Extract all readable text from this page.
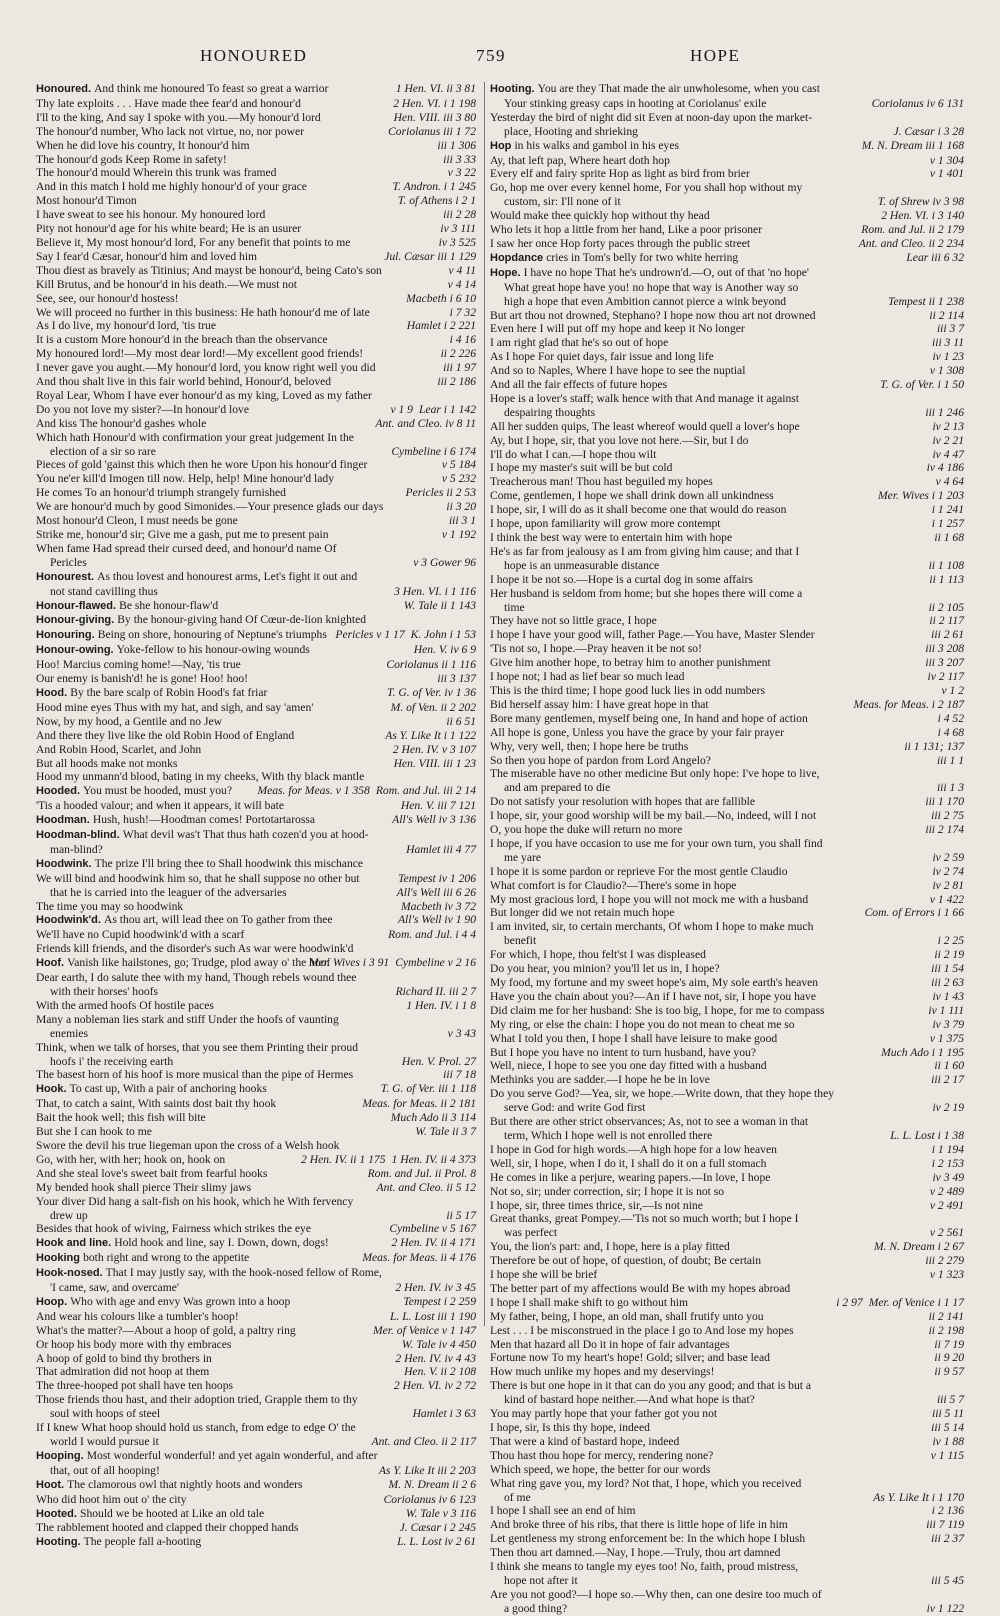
HONOURED	759	HOPE
1 Hen. VI. ii 3 81
Honoured. And think me honoured To feast so great a warrior
2 Hen. VI. i 1 198
Thy late exploits . . . Have made thee fear'd and honour'd
Hen. VIII. iii 3 80
I'll to the king, And say I spoke with you.—My honour'd lord
Coriolanus iii 1 72
The honour'd number, Who lack not virtue, no, nor power
iii 1 306
When he did love his country, It honour'd him
iii 3 33
The honour'd gods Keep Rome in safety!
v 3 22
The honour'd mould Wherein this trunk was framed
T. Andron. i 1 245
And in this match I hold me highly honour'd of your grace
T. of Athens i 2 1
Most honour'd Timon
iii 2 28
I have sweat to see his honour. My honoured lord
iv 3 111
Pity not honour'd age for his white beard; He is an usurer
iv 3 525
Believe it, My most honour'd lord, For any benefit that points to me
Jul. Cæsar iii 1 129
Say I fear'd Cæsar, honour'd him and loved him
v 4 11
Thou diest as bravely as Titinius; And mayst be honour'd, being Cato's son
v 4 14
Kill Brutus, and be honour'd in his death.—We must not
Macbeth i 6 10
See, see, our honour'd hostess!
i 7 32
We will proceed no further in this business: He hath honour'd me of late
Hamlet i 2 221
As I do live, my honour'd lord, 'tis true
i 4 16
It is a custom More honour'd in the breach than the observance
ii 2 226
My honoured lord!—My most dear lord!—My excellent good friends!
iii 1 97
I never gave you aught.—My honour'd lord, you know right well you did
iii 2 186
And thou shalt live in this fair world behind, Honour'd, beloved
Royal Lear, Whom I have ever honour'd as my king, Loved as my father
Lear i 1 142
v 1 9
Do you not love my sister?—In honour'd love
Ant. and Cleo. iv 8 11
And kiss The honour'd gashes whole
Which hath Honour'd with confirmation your great judgement In the
Cymbeline i 6 174
election of a sir so rare
v 5 184
Pieces of gold 'gainst this which then he wore Upon his honour'd finger
v 5 232
You ne'er kill'd Imogen till now. Help, help! Mine honour'd lady
Pericles ii 2 53
He comes To an honour'd triumph strangely furnished
ii 3 20
We are honour'd much by good Simonides.—Your presence glads our days
iii 3 1
Most honour'd Cleon, I must needs be gone
v 1 192
Strike me, honour'd sir; Give me a gash, put me to present pain
When fame Had spread their cursed deed, and honour'd name Of
v 3 Gower 96
Pericles
Honourest. As thou lovest and honourest arms, Let's fight it out and
3 Hen. VI. i 1 116
not stand cavilling thus
W. Tale ii 1 143
Honour-flawed. Be she honour-flaw'd
Honour-giving. By the honour-giving hand Of Cœur-de-lion knighted
K. John i 1 53
Pericles v 1 17
Honouring. Being on shore, honouring of Neptune's triumphs
Hen. V. iv 6 9
Honour-owing. Yoke-fellow to his honour-owing wounds
Coriolanus ii 1 116
Hoo! Marcius coming home!—Nay, 'tis true
iii 3 137
Our enemy is banish'd! he is gone! Hoo! hoo!
T. G. of Ver. iv 1 36
Hood. By the bare scalp of Robin Hood's fat friar
M. of Ven. ii 2 202
Hood mine eyes Thus with my hat, and sigh, and say 'amen'
ii 6 51
Now, by my hood, a Gentile and no Jew
As Y. Like It i 1 122
And there they live like the old Robin Hood of England
2 Hen. IV. v 3 107
And Robin Hood, Scarlet, and John
Hen. VIII. iii 1 23
But all hoods make not monks
Hood my unmann'd blood, bating in my cheeks, With thy black mantle
Rom. and Jul. iii 2 14
Meas. for Meas. v 1 358
Hooded. You must be hooded, must you?
Hen. V. iii 7 121
'Tis a hooded valour; and when it appears, it will bate
All's Well iv 3 136
Hoodman. Hush, hush!—Hoodman comes! Portotartarossa
Hoodman-blind. What devil was't That thus hath cozen'd you at hood-
Hamlet iii 4 77
man-blind?
Hoodwink. The prize I'll bring thee to Shall hoodwink this mischance
Tempest iv 1 206
We will bind and hoodwink him so, that he shall suppose no other but
All's Well iii 6 26
that he is carried into the leaguer of the adversaries
Macbeth iv 3 72
The time you may so hoodwink
All's Well iv 1 90
Hoodwink'd. As thou art, will lead thee on To gather from thee
Rom. and Jul. i 4 4
We'll have no Cupid hoodwink'd with a scarf
Friends kill friends, and the disorder's such As war were hoodwink'd
Cymbeline v 2 16
Mer. Wives i 3 91
Hoof. Vanish like hailstones, go; Trudge, plod away o' the hoof
Dear earth, I do salute thee with my hand, Though rebels wound thee
Richard II. iii 2 7
with their horses' hoofs
1 Hen. IV. i 1 8
With the armed hoofs Of hostile paces
Many a nobleman lies stark and stiff Under the hoofs of vaunting
v 3 43
enemies
Think, when we talk of horses, that you see them Printing their proud
Hen. V. Prol. 27
hoofs i' the receiving earth
iii 7 18
The basest horn of his hoof is more musical than the pipe of Hermes
T. G. of Ver. iii 1 118
Hook. To cast up, With a pair of anchoring hooks
Meas. for Meas. ii 2 181
That, to catch a saint, With saints dost bait thy hook
Much Ado ii 3 114
Bait the hook well; this fish will bite
W. Tale ii 3 7
But she I can hook to me
Swore the devil his true liegeman upon the cross of a Welsh hook
1 Hen. IV. ii 4 373
2 Hen. IV. ii 1 175
Go, with her, with her; hook on, hook on
Rom. and Jul. ii Prol. 8
And she steal love's sweet bait from fearful hooks
Ant. and Cleo. ii 5 12
My bended hook shall pierce Their slimy jaws
Your diver Did hang a salt-fish on his hook, which he With fervency
ii 5 17
drew up
Cymbeline v 5 167
Besides that hook of wiving, Fairness which strikes the eye
2 Hen. IV. ii 4 171
Hook and line. Hold hook and line, say I. Down, down, dogs!
Meas. for Meas. ii 4 176
Hooking both right and wrong to the appetite
Hook-nosed. That I may justly say, with the hook-nosed fellow of Rome,
2 Hen. IV. iv 3 45
'I came, saw, and overcame'
Tempest i 2 259
Hoop. Who with age and envy Was grown into a hoop
L. L. Lost iii 1 190
And wear his colours like a tumbler's hoop!
Mer. of Venice v 1 147
What's the matter?—About a hoop of gold, a paltry ring
W. Tale iv 4 450
Or hoop his body more with thy embraces
2 Hen. IV. iv 4 43
A hoop of gold to bind thy brothers in
Hen. V. ii 2 108
That admiration did not hoop at them
2 Hen. VI. iv 2 72
The three-hooped pot shall have ten hoops
Those friends thou hast, and their adoption tried, Grapple them to thy
Hamlet i 3 63
soul with hoops of steel
If I knew What hoop should hold us stanch, from edge to edge O' the
Ant. and Cleo. ii 2 117
world I would pursue it
Hooping. Most wonderful wonderful! and yet again wonderful, and after
As Y. Like It iii 2 203
that, out of all hooping!
M. N. Dream ii 2 6
Hoot. The clamorous owl that nightly hoots and wonders
Coriolanus iv 6 123
Who did hoot him out o' the city
W. Tale v 3 116
Hooted. Should we be hooted at Like an old tale
J. Cæsar i 2 245
The rabblement hooted and clapped their chopped hands
L. L. Lost iv 2 61
Hooting. The people fall a-hooting
Hooting. You are they That made the air unwholesome, when you cast
Coriolanus iv 6 131
Your stinking greasy caps in hooting at Coriolanus' exile
Yesterday the bird of night did sit Even at noon-day upon the market-
J. Cæsar i 3 28
place, Hooting and shrieking
M. N. Dream iii 1 168
Hop in his walks and gambol in his eyes
v 1 304
Ay, that left pap, Where heart doth hop
v 1 401
Every elf and fairy sprite Hop as light as bird from brier
Go, hop me over every kennel home, For you shall hop without my
T. of Shrew iv 3 98
custom, sir: I'll none of it
2 Hen. VI. i 3 140
Would make thee quickly hop without thy head
Rom. and Jul. ii 2 179
Who lets it hop a little from her hand, Like a poor prisoner
Ant. and Cleo. ii 2 234
I saw her once Hop forty paces through the public street
Lear iii 6 32
Hopdance cries in Tom's belly for two white herring
Hope. I have no hope That he's undrown'd.—O, out of that 'no hope'
What great hope have you! no hope that way is Another way so
Tempest ii 1 238
high a hope that even Ambition cannot pierce a wink beyond
ii 2 114
But art thou not drowned, Stephano? I hope now thou art not drowned
iii 3 7
Even here I will put off my hope and keep it No longer
iii 3 11
I am right glad that he's so out of hope
iv 1 23
As I hope For quiet days, fair issue and long life
v 1 308
And so to Naples, Where I have hope to see the nuptial
T. G. of Ver. i 1 50
And all the fair effects of future hopes
Hope is a lover's staff; walk hence with that And manage it against
iii 1 246
despairing thoughts
iv 2 13
All her sudden quips, The least whereof would quell a lover's hope
iv 2 21
Ay, but I hope, sir, that you love not here.—Sir, but I do
iv 4 47
I'll do what I can.—I hope thou wilt
iv 4 186
I hope my master's suit will be but cold
v 4 64
Treacherous man! Thou hast beguiled my hopes
Mer. Wives i 1 203
Come, gentlemen, I hope we shall drink down all unkindness
i 1 241
I hope, sir, I will do as it shall become one that would do reason
i 1 257
I hope, upon familiarity will grow more contempt
ii 1 68
I think the best way were to entertain him with hope
He's as far from jealousy as I am from giving him cause; and that I
ii 1 108
hope is an unmeasurable distance
ii 1 113
I hope it be not so.—Hope is a curtal dog in some affairs
Her husband is seldom from home; but she hopes there will come a
ii 2 105
time
ii 2 117
They have not so little grace, I hope
iii 2 61
I hope I have your good will, father Page.—You have, Master Slender
iii 3 208
'Tis not so, I hope.—Pray heaven it be not so!
iii 3 207
Give him another hope, to betray him to another punishment
iv 2 117
I hope not; I had as lief bear so much lead
v 1 2
This is the third time; I hope good luck lies in odd numbers
Meas. for Meas. i 2 187
Bid herself assay him: I have great hope in that
i 4 52
Bore many gentlemen, myself being one, In hand and hope of action
i 4 68
All hope is gone, Unless you have the grace by your fair prayer
ii 1 131; 137
Why, very well, then; I hope here be truths
iii 1 1
So then you hope of pardon from Lord Angelo?
The miserable have no other medicine But only hope: I've hope to live,
iii 1 3
and am prepared to die
iii 1 170
Do not satisfy your resolution with hopes that are fallible
iii 2 75
I hope, sir, your good worship will be my bail.—No, indeed, will I not
iii 2 174
O, you hope the duke will return no more
I hope, if you have occasion to use me for your own turn, you shall find
iv 2 59
me yare
iv 2 74
I hope it is some pardon or reprieve For the most gentle Claudio
iv 2 81
What comfort is for Claudio?—There's some in hope
v 1 422
My most gracious lord, I hope you will not mock me with a husband
Com. of Errors i 1 66
But longer did we not retain much hope
I am invited, sir, to certain merchants, Of whom I hope to make much
i 2 25
benefit
ii 2 19
For which, I hope, thou felt'st I was displeased
iii 1 54
Do you hear, you minion? you'll let us in, I hope?
iii 2 63
My food, my fortune and my sweet hope's aim, My sole earth's heaven
iv 1 43
Have you the chain about you?—An if I have not, sir, I hope you have
iv 1 111
Did claim me for her husband: She is too big, I hope, for me to compass
iv 3 79
My ring, or else the chain: I hope you do not mean to cheat me so
v 1 375
What I told you then, I hope I shall have leisure to make good
Much Ado i 1 195
But I hope you have no intent to turn husband, have you?
ii 1 60
Well, niece, I hope to see you one day fitted with a husband
iii 2 17
Methinks you are sadder.—I hope he be in love
Do you serve God?—Yea, sir, we hope.—Write down, that they hope they
iv 2 19
serve God: and write God first
But there are other strict observances; As, not to see a woman in that
L. L. Lost i 1 38
term, Which I hope well is not enrolled there
i 1 194
I hope in God for high words.—A high hope for a low heaven
i 2 153
Well, sir, I hope, when I do it, I shall do it on a full stomach
iv 3 49
He comes in like a perjure, wearing papers.—In love, I hope
v 2 489
Not so, sir; under correction, sir; I hope it is not so
v 2 491
I hope, sir, three times thrice, sir,—Is not nine
Great thanks, great Pompey.—'Tis not so much worth; but I hope I
v 2 561
was perfect
M. N. Dream i 2 67
You, the lion's part: and, I hope, here is a play fitted
iii 2 279
Therefore be out of hope, of question, of doubt; Be certain
v 1 323
I hope she will be brief
The better part of my affections would Be with my hopes abroad
Mer. of Venice i 1 17
i 2 97
I hope I shall make shift to go without him
ii 2 141
My father, being, I hope, an old man, shall frutify unto you
ii 2 198
Lest . . . I be misconstrued in the place I go to And lose my hopes
ii 7 19
Men that hazard all Do it in hope of fair advantages
ii 9 20
Fortune now To my heart's hope! Gold; silver; and base lead
ii 9 57
How much unlike my hopes and my deservings!
There is but one hope in it that can do you any good; and that is but a
iii 5 7
kind of bastard hope neither.—And what hope is that?
iii 5 11
You may partly hope that your father got you not
iii 5 14
I hope, sir, Is this thy hope, indeed
iv 1 88
That were a kind of bastard hope, indeed
v 1 115
Thou hast thou hope for mercy, rendering none?
Which speed, we hope, the better for our words
What ring gave you, my lord? Not that, I hope, which you received
As Y. Like It i 1 170
of me
i 2 136
I hope I shall see an end of him
iii 7 119
And broke three of his ribs, that there is little hope of life in him
iii 2 37
Let gentleness my strong enforcement be: In the which hope I blush
Then thou art damned.—Nay, I hope.—Truly, thou art damned
I think she means to tangle my eyes too! No, faith, proud mistress,
iii 5 45
hope not after it
Are you not good?—I hope so.—Why then, can one desire too much of
iv 1 122
a good thing?
